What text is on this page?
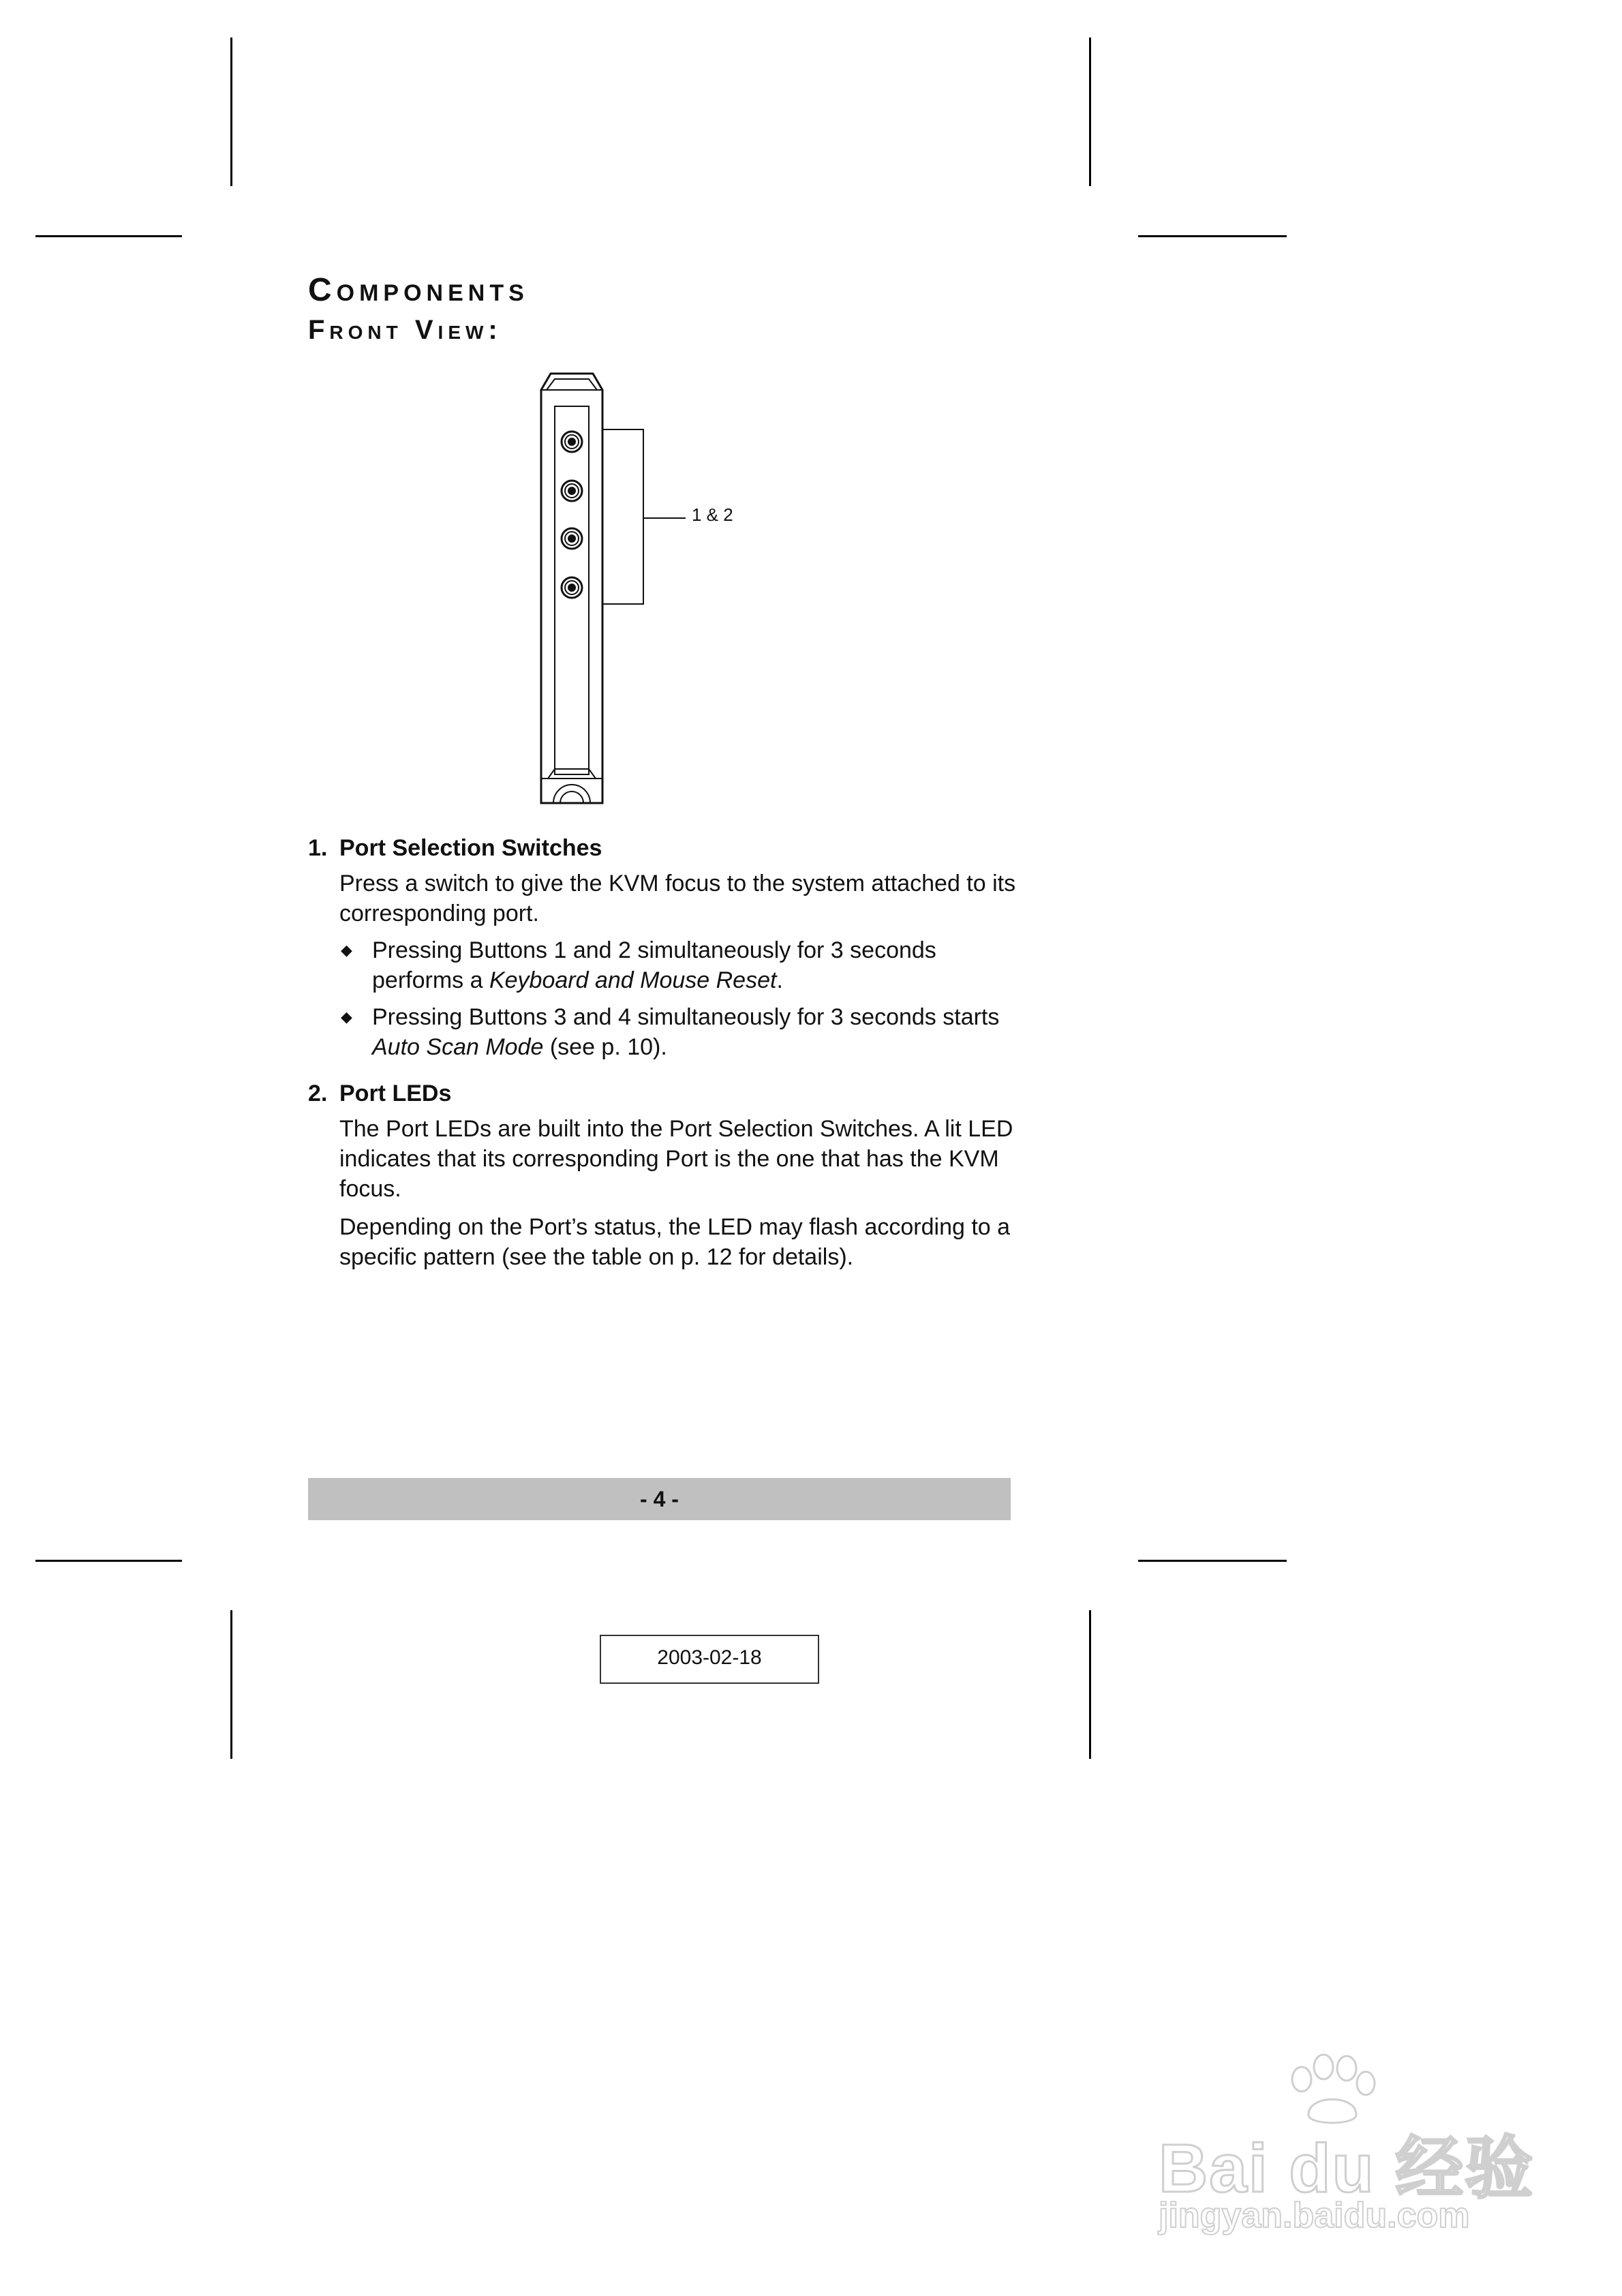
Components
Front View:
1 & 2
1. Port Selection Switches
Press a switch to give the KVM focus to the system attached to its corresponding port.
◆ Pressing Buttons 1 and 2 simultaneously for 3 seconds performs a Keyboard and Mouse Reset.
◆ Pressing Buttons 3 and 4 simultaneously for 3 seconds starts Auto Scan Mode (see p. 10).
2. Port LEDs
The Port LEDs are built into the Port Selection Switches. A lit LED indicates that its corresponding Port is the one that has the KVM focus.
Depending on the Port’s status, the LED may flash according to a specific pattern (see the table on p. 12 for details).
- 4 -
2003-02-18
Bai du 经验
jingyan.baidu.com
